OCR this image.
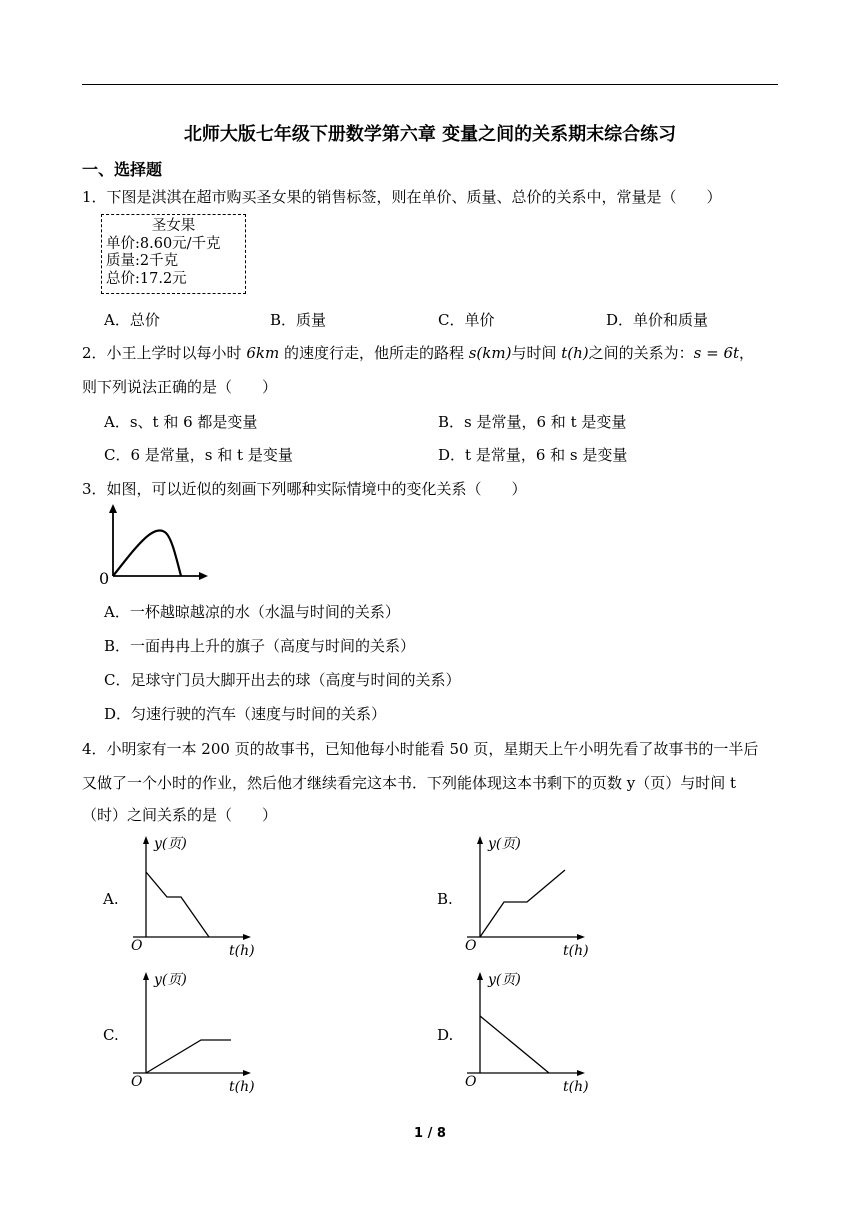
北师大版七年级下册数学第六章 变量之间的关系期末综合练习
一、选择题
1．下图是淇淇在超市购买圣女果的销售标签，则在单价、质量、总价的关系中，常量是（　　）
圣女果
单价:8.60元/千克
质量:2千克
总价:17.2元
A．总价	B．质量	C．单价	D．单价和质量
2．小王上学时以每小时 6km 的速度行走，他所走的路程 s(km)与时间 t(h)之间的关系为：s = 6t，
则下列说法正确的是（　　）
A．s、t 和 6 都是变量	B．s 是常量，6 和 t 是变量
C．6 是常量，s 和 t 是变量	D．t 是常量，6 和 s 是变量
3．如图，可以近似的刻画下列哪种实际情境中的变化关系（　　）
0
A．一杯越晾越凉的水（水温与时间的关系）
B．一面冉冉上升的旗子（高度与时间的关系）
C．足球守门员大脚开出去的球（高度与时间的关系）
D．匀速行驶的汽车（速度与时间的关系）
4．小明家有一本 200 页的故事书，已知他每小时能看 50 页，星期天上午小明先看了故事书的一半后
又做了一个小时的作业，然后他才继续看完这本书．下列能体现这本书剩下的页数 y（页）与时间 t
（时）之间关系的是（　　）
A.
y(页)
t(h)
O
B.
y(页)
t(h)
O
C.
y(页)
t(h)
O
D.
y(页)
t(h)
O
1 / 8
